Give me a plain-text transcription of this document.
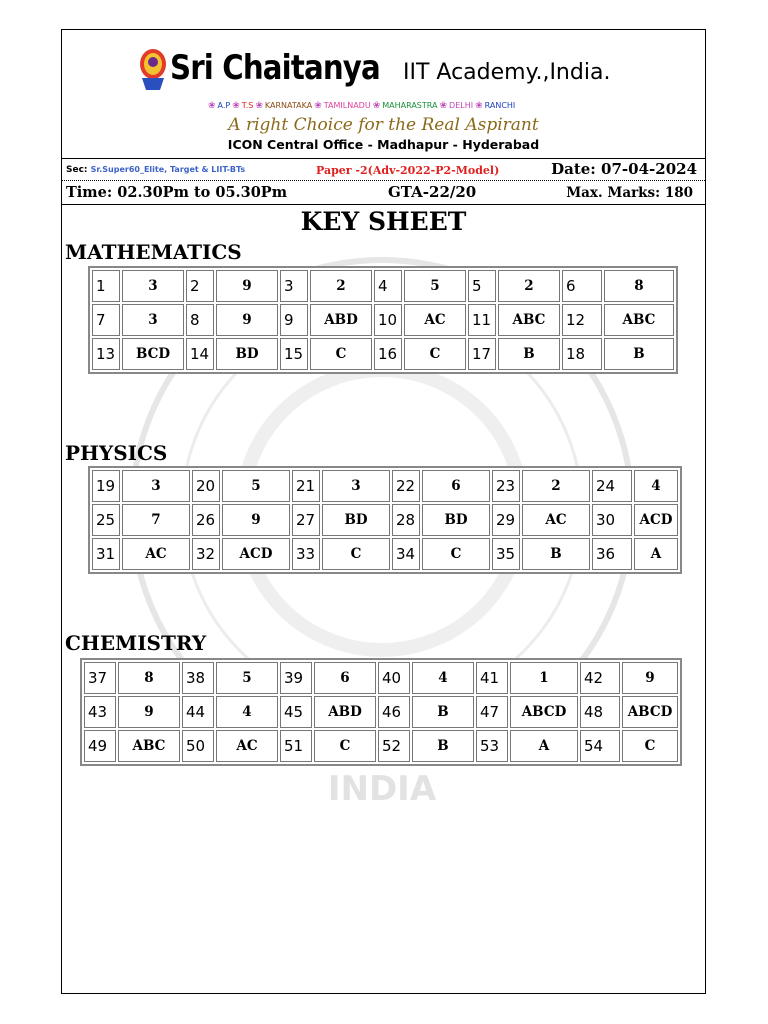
Sri Chaitanya IIT Academy.,India.
❀ A.P ❀ T.S ❀ KARNATAKA ❀ TAMILNADU ❀ MAHARASTRA ❀ DELHI ❀ RANCHI
A right Choice for the Real Aspirant
ICON Central Office - Madhapur - Hyderabad
Sec: Sr.Super60_Elite, Target & LIIT-BTs	Paper -2(Adv-2022-P2-Model)	Date: 07-04-2024
Time: 02.30Pm to 05.30Pm	GTA-22/20	Max. Marks: 180
INDIA
KEY SHEET
MATHEMATICS
1	3	2	9	3	2	4	5	5	2	6	8
7	3	8	9	9	ABD	10	AC	11	ABC	12	ABC
13	BCD	14	BD	15	C	16	C	17	B	18	B
PHYSICS
19	3	20	5	21	3	22	6	23	2	24	4
25	7	26	9	27	BD	28	BD	29	AC	30	ACD
31	AC	32	ACD	33	C	34	C	35	B	36	A
CHEMISTRY
37	8	38	5	39	6	40	4	41	1	42	9
43	9	44	4	45	ABD	46	B	47	ABCD	48	ABCD
49	ABC	50	AC	51	C	52	B	53	A	54	C
